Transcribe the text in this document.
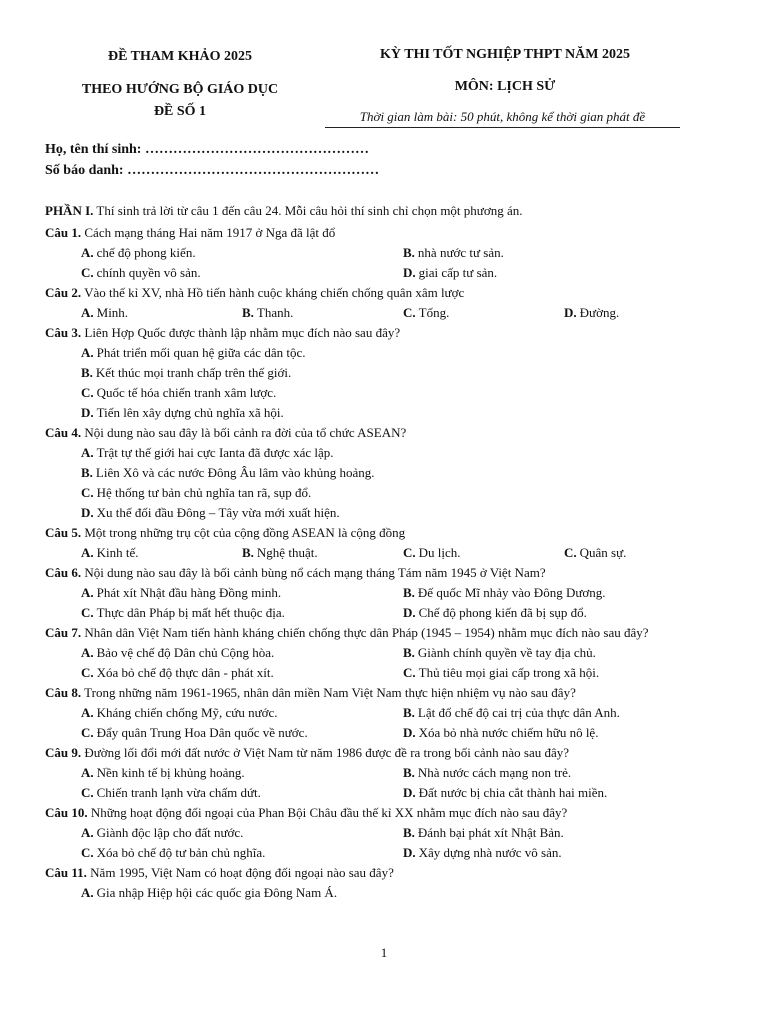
ĐỀ THAM KHẢO 2025
THEO HƯỚNG BỘ GIÁO DỤC
ĐỀ SỐ 1
KỲ THI TỐT NGHIỆP THPT NĂM 2025
MÔN: LỊCH SỬ
Thời gian làm bài: 50 phút, không kể thời gian phát đề
Họ, tên thí sinh: …………………………………………
Số báo danh: ………………………………………………
PHẦN I. Thí sinh trả lời từ câu 1 đến câu 24. Mỗi câu hỏi thí sinh chỉ chọn một phương án.
Câu 1. Cách mạng tháng Hai năm 1917 ở Nga đã lật đổ
A. chế độ phong kiến.	B. nhà nước tư sản.
C. chính quyền vô sản.	D. giai cấp tư sản.
Câu 2. Vào thế kỉ XV, nhà Hồ tiến hành cuộc kháng chiến chống quân xâm lược
A. Minh.	B. Thanh.	C. Tống.	D. Đường.
Câu 3. Liên Hợp Quốc được thành lập nhằm mục đích nào sau đây?
A. Phát triển mối quan hệ giữa các dân tộc.
B. Kết thúc mọi tranh chấp trên thế giới.
C. Quốc tế hóa chiến tranh xâm lược.
D. Tiến lên xây dựng chủ nghĩa xã hội.
Câu 4. Nội dung nào sau đây là bối cảnh ra đời của tổ chức ASEAN?
A. Trật tự thế giới hai cực Ianta đã được xác lập.
B. Liên Xô và các nước Đông Âu lâm vào khủng hoảng.
C. Hệ thống tư bản chủ nghĩa tan rã, sụp đổ.
D. Xu thế đối đầu Đông – Tây vừa mới xuất hiện.
Câu 5. Một trong những trụ cột của cộng đồng ASEAN là cộng đồng
A. Kinh tế.	B. Nghệ thuật.	C. Du lịch.	C. Quân sự.
Câu 6. Nội dung nào sau đây là bối cảnh bùng nổ cách mạng tháng Tám năm 1945 ở Việt Nam?
A. Phát xít Nhật đầu hàng Đồng minh.	B. Đế quốc Mĩ nhảy vào Đông Dương.
C. Thực dân Pháp bị mất hết thuộc địa.	D. Chế độ phong kiến đã bị sụp đổ.
Câu 7. Nhân dân Việt Nam tiến hành kháng chiến chống thực dân Pháp (1945 – 1954) nhằm mục đích nào sau đây?
A. Bảo vệ chế độ Dân chủ Cộng hòa.	B. Giành chính quyền về tay địa chủ.
C. Xóa bỏ chế độ thực dân - phát xít.	C. Thủ tiêu mọi giai cấp trong xã hội.
Câu 8. Trong những năm 1961-1965, nhân dân miền Nam Việt Nam thực hiện nhiệm vụ nào sau đây?
A. Kháng chiến chống Mỹ, cứu nước.	B. Lật đổ chế độ cai trị của thực dân Anh.
C. Đẩy quân Trung Hoa Dân quốc về nước.	D. Xóa bỏ nhà nước chiếm hữu nô lệ.
Câu 9. Đường lối đổi mới đất nước ở Việt Nam từ năm 1986 được đề ra trong bối cảnh nào sau đây?
A. Nền kinh tế bị khủng hoảng.	B. Nhà nước cách mạng non trẻ.
C. Chiến tranh lạnh vừa chấm dứt.	D. Đất nước bị chia cắt thành hai miền.
Câu 10. Những hoạt động đối ngoại của Phan Bội Châu đầu thế kỉ XX nhằm mục đích nào sau đây?
A. Giành độc lập cho đất nước.	B. Đánh bại phát xít Nhật Bản.
C. Xóa bỏ chế độ tư bản chủ nghĩa.	D. Xây dựng nhà nước vô sản.
Câu 11. Năm 1995, Việt Nam có hoạt động đối ngoại nào sau đây?
A. Gia nhập Hiệp hội các quốc gia Đông Nam Á.
1
